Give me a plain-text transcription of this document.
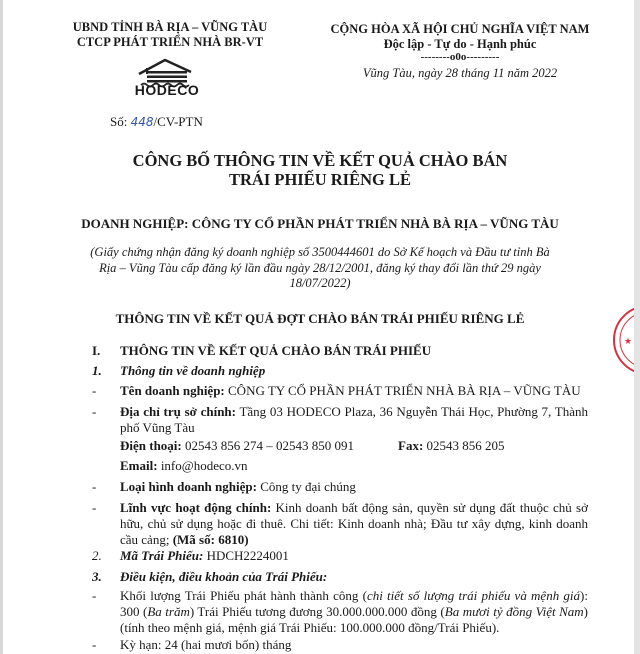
UBND TỈNH BÀ RỊA – VŨNG TÀU
CTCP PHÁT TRIỂN NHÀ BR-VT
HODECO
Số: 448/CV-PTN
CỘNG HÒA XÃ HỘI CHỦ NGHĨA VIỆT NAM
Độc lập - Tự do - Hạnh phúc
--------o0o---------
Vũng Tàu, ngày 28 tháng 11 năm 2022
CÔNG BỐ THÔNG TIN VỀ KẾT QUẢ CHÀO BÁN
TRÁI PHIẾU RIÊNG LẺ
DOANH NGHIỆP: CÔNG TY CỔ PHẦN PHÁT TRIỂN NHÀ BÀ RỊA – VŨNG TÀU
(Giấy chứng nhận đăng ký doanh nghiệp số 3500444601 do Sở Kế hoạch và Đầu tư tỉnh Bà Rịa – Vũng Tàu cấp đăng ký lần đầu ngày 28/12/2001, đăng ký thay đổi lần thứ 29 ngày 18/07/2022)
THÔNG TIN VỀ KẾT QUẢ ĐỢT CHÀO BÁN TRÁI PHIẾU RIÊNG LẺ
I. THÔNG TIN VỀ KẾT QUẢ CHÀO BÁN TRÁI PHIẾU
1. Thông tin về doanh nghiệp
- Tên doanh nghiệp: CÔNG TY CỔ PHẦN PHÁT TRIỂN NHÀ BÀ RỊA – VŨNG TÀU
- Địa chỉ trụ sở chính: Tầng 03 HODECO Plaza, 36 Nguyễn Thái Học, Phường 7, Thành phố Vũng Tàu
Điện thoại: 02543 856 274 – 02543 850 091	Fax: 02543 856 205
Email: info@hodeco.vn
- Loại hình doanh nghiệp: Công ty đại chúng
- Lĩnh vực hoạt động chính: Kinh doanh bất động sản, quyền sử dụng đất thuộc chủ sở hữu, chủ sử dụng hoặc đi thuê. Chi tiết: Kinh doanh nhà; Đầu tư xây dựng, kinh doanh cầu cảng; (Mã số: 6810)
2. Mã Trái Phiếu: HDCH2224001
3. Điều kiện, điều khoản của Trái Phiếu:
- Khối lượng Trái Phiếu phát hành thành công (chi tiết số lượng trái phiếu và mệnh giá): 300 (Ba trăm) Trái Phiếu tương đương 30.000.000.000 đồng (Ba mươi tỷ đồng Việt Nam) (tính theo mệnh giá, mệnh giá Trái Phiếu: 100.000.000 đồng/Trái Phiếu).
- Kỳ hạn: 24 (hai mươi bốn) tháng
★
